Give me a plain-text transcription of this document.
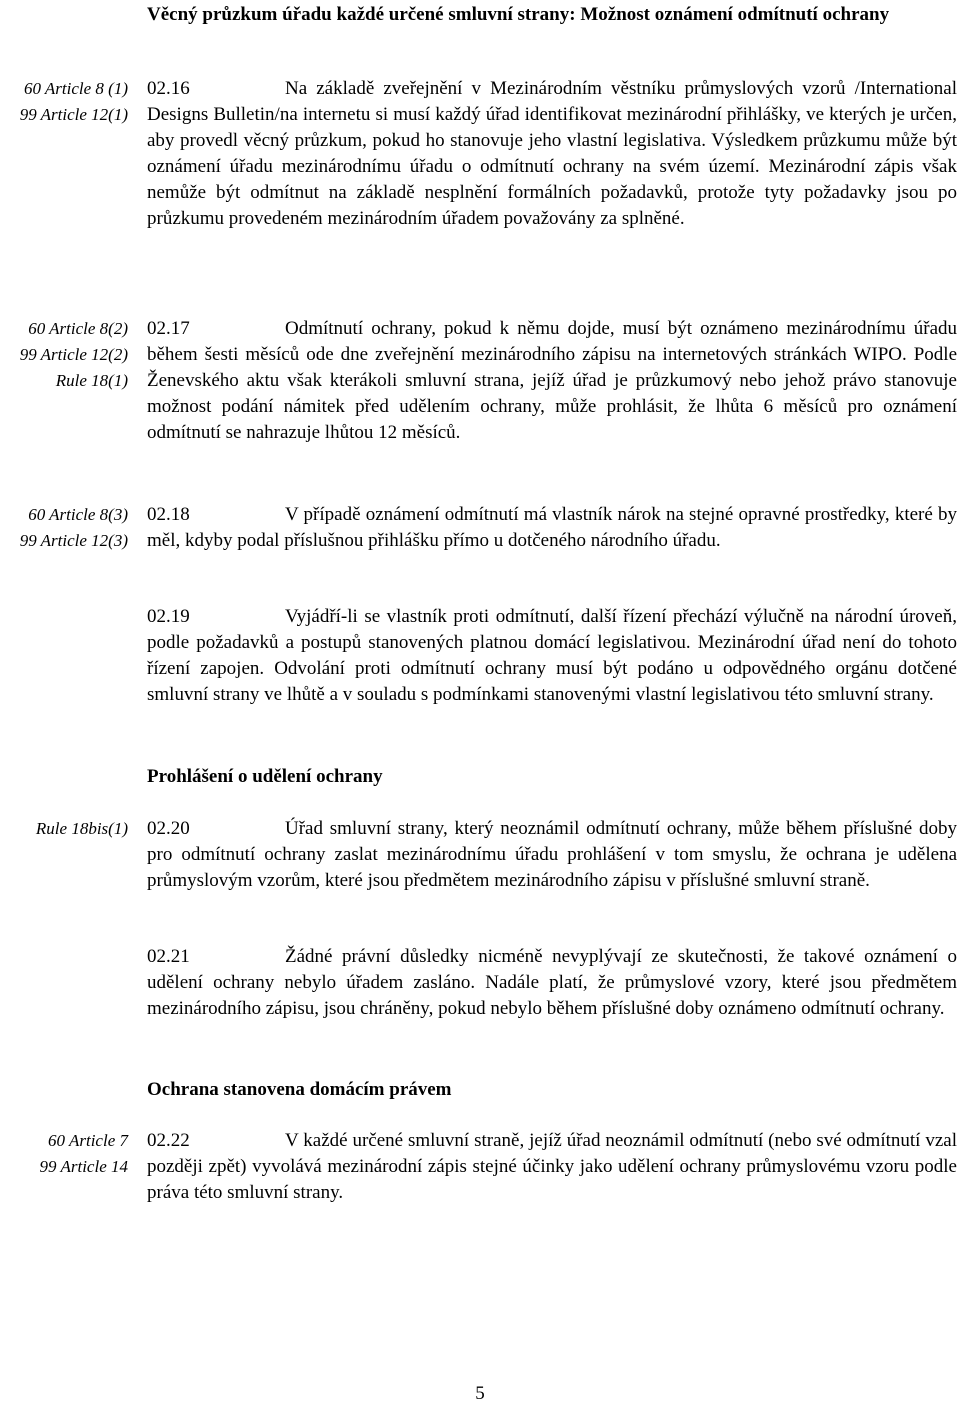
Věcný průzkum úřadu každé určené smluvní strany: Možnost oznámení odmítnutí ochrany
60 Article 8 (1)
99 Article 12(1)
02.16	Na základě zveřejnění v Mezinárodním věstníku průmyslových vzorů /International Designs Bulletin/na internetu si musí každý úřad identifikovat mezinárodní přihlášky, ve kterých je určen, aby provedl věcný průzkum, pokud ho stanovuje jeho vlastní legislativa. Výsledkem průzkumu může být oznámení úřadu mezinárodnímu úřadu o odmítnutí ochrany na svém území. Mezinárodní zápis však nemůže být odmítnut na základě nesplnění formálních požadavků, protože tyty požadavky jsou po průzkumu provedeném mezinárodním úřadem považovány za splněné.
60 Article 8(2)
99 Article 12(2)
Rule 18(1)
02.17	Odmítnutí ochrany, pokud k němu dojde, musí být oznámeno mezinárodnímu úřadu během šesti měsíců ode dne zveřejnění mezinárodního zápisu na internetových stránkách WIPO. Podle Ženevského aktu však kterákoli smluvní strana, jejíž úřad je průzkumový nebo jehož právo stanovuje možnost podání námitek před udělením ochrany, může prohlásit, že lhůta 6 měsíců pro oznámení odmítnutí se nahrazuje lhůtou 12 měsíců.
60 Article 8(3)
99 Article 12(3)
02.18	V případě oznámení odmítnutí má vlastník nárok na stejné opravné prostředky, které by měl, kdyby podal příslušnou přihlášku přímo u dotčeného národního úřadu.
02.19	Vyjádří-li se vlastník proti odmítnutí, další řízení přechází výlučně na národní úroveň, podle požadavků a postupů stanovených platnou domácí legislativou. Mezinárodní úřad není do tohoto řízení zapojen. Odvolání proti odmítnutí ochrany musí být podáno u odpovědného orgánu dotčené smluvní strany ve lhůtě a v souladu s podmínkami stanovenými vlastní legislativou této smluvní strany.
Prohlášení o udělení ochrany
Rule 18bis(1) 02.20	Úřad smluvní strany, který neoznámil odmítnutí ochrany, může během příslušné doby pro odmítnutí ochrany zaslat mezinárodnímu úřadu prohlášení v tom smyslu, že ochrana je udělena průmyslovým vzorům, které jsou předmětem mezinárodního zápisu v příslušné smluvní straně.
02.21	Žádné právní důsledky nicméně nevyplývají ze skutečnosti, že takové oznámení o udělení ochrany nebylo úřadem zasláno. Nadále platí, že průmyslové vzory, které jsou předmětem mezinárodního zápisu, jsou chráněny, pokud nebylo během příslušné doby oznámeno odmítnutí ochrany.
Ochrana stanovena domácím právem
60 Article 7
99 Article 14
02.22	V každé určené smluvní straně, jejíž úřad neoznámil odmítnutí (nebo své odmítnutí vzal později zpět) vyvolává mezinárodní zápis stejné účinky jako udělení ochrany průmyslovému vzoru podle práva této smluvní strany.
5
